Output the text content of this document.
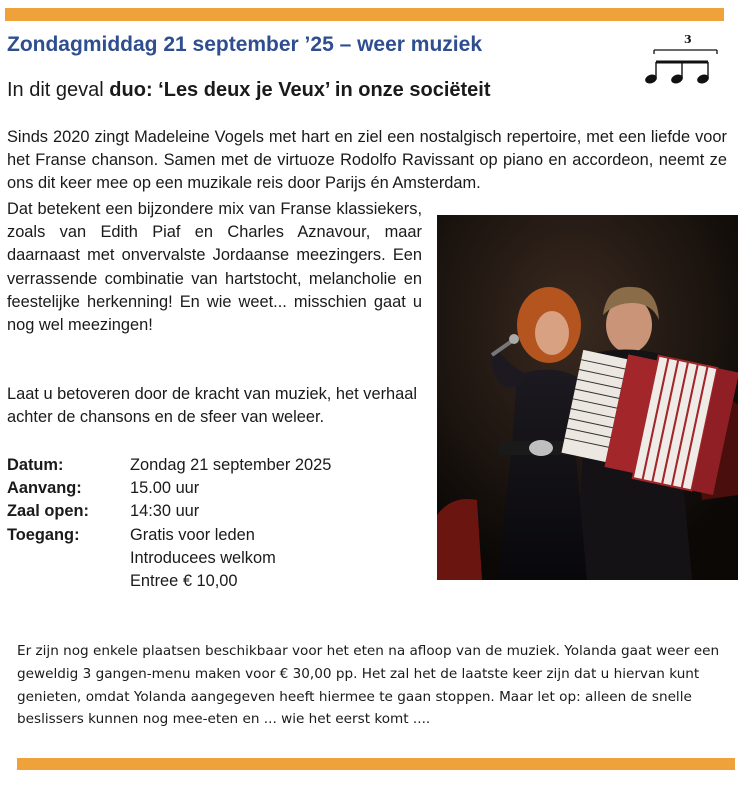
Zondagmiddag 21 september ’25 – weer muziek	3

In dit geval duo: ‘Les deux je Veux’ in onze sociëteit

Sinds 2020 zingt Madeleine Vogels met hart en ziel een nostalgisch repertoire, met een liefde voor het Franse chanson. Samen met de virtuoze Rodolfo Ravissant op piano en accordeon, neemt ze ons dit keer mee op een muzikale reis door Parijs én Amsterdam.

Dat betekent een bijzondere mix van Franse klassiekers, zoals van Edith Piaf en Charles Aznavour, maar daarnaast met onvervalste Jordaanse meezingers. Een verrassende combinatie van hartstocht, melancholie en feestelijke herkenning! En wie weet... misschien gaat u nog wel meezingen!

Laat u betoveren door de kracht van muziek, het verhaal achter de chansons en de sfeer van weleer.

Datum:	Zondag 21 september 2025
Aanvang:	15.00 uur
Zaal open:	14:30 uur
Toegang:	Gratis voor leden
Introducees welkom
Entree € 10,00

Er zijn nog enkele plaatsen beschikbaar voor het eten na afloop van de muziek. Yolanda gaat weer een geweldig 3 gangen-menu maken voor € 30,00 pp. Het zal het de laatste keer zijn dat u hiervan kunt genieten, omdat Yolanda aangegeven heeft hiermee te gaan stoppen. Maar let op: alleen de snelle beslissers kunnen nog mee-eten en ... wie het eerst komt ....
